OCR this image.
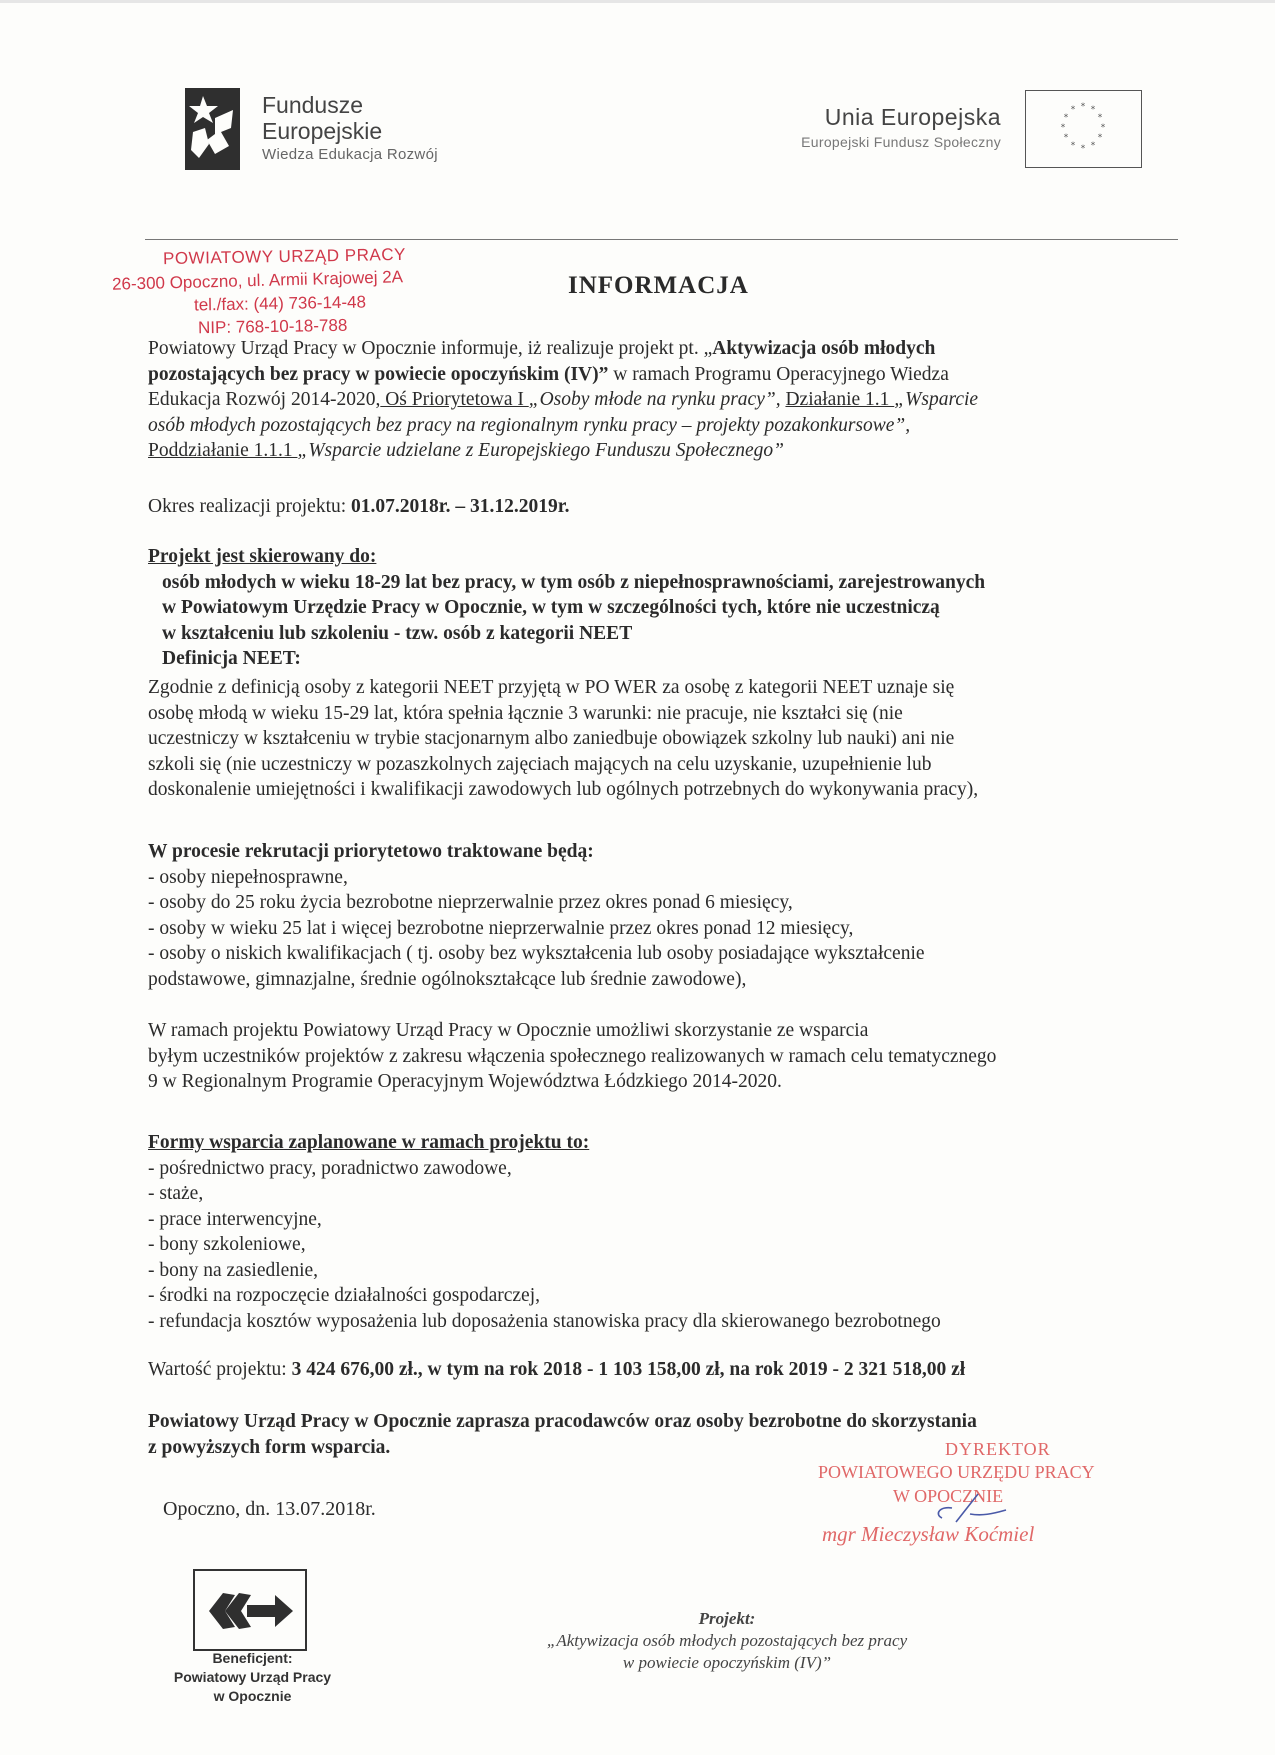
Fundusze
Europejskie
Wiedza Edukacja Rozwój
Unia Europejska
Europejski Fundusz Społeczny
* *
*
*
*
*
*
*
*
*
*
*
POWIATOWY URZĄD PRACY
26-300 Opoczno, ul. Armii Krajowej 2A
tel./fax: (44) 736-14-48
NIP: 768-10-18-788
INFORMACJA
Powiatowy Urząd Pracy w Opocznie informuje, iż realizuje projekt pt. „Aktywizacja osób młodych
pozostających bez pracy w powiecie opoczyńskim (IV)” w ramach Programu Operacyjnego Wiedza
Edukacja Rozwój 2014-2020, Oś Priorytetowa I „Osoby młode na rynku pracy”, Działanie 1.1 „Wsparcie
osób młodych pozostających bez pracy na regionalnym rynku pracy – projekty pozakonkursowe”,
Poddziałanie 1.1.1 „Wsparcie udzielane z Europejskiego Funduszu Społecznego”
Okres realizacji projektu: 01.07.2018r. – 31.12.2019r.
Projekt jest skierowany do:
osób młodych w wieku 18-29 lat bez pracy, w tym osób z niepełnosprawnościami, zarejestrowanych
w Powiatowym Urzędzie Pracy w Opocznie, w tym w szczególności tych, które nie uczestniczą
w kształceniu lub szkoleniu - tzw. osób z kategorii NEET
Definicja NEET:
Zgodnie z definicją osoby z kategorii NEET przyjętą w PO WER za osobę z kategorii NEET uznaje się
osobę młodą w wieku 15-29 lat, która spełnia łącznie 3 warunki: nie pracuje, nie kształci się (nie
uczestniczy w kształceniu w trybie stacjonarnym albo zaniedbuje obowiązek szkolny lub nauki) ani nie
szkoli się (nie uczestniczy w pozaszkolnych zajęciach mających na celu uzyskanie, uzupełnienie lub
doskonalenie umiejętności i kwalifikacji zawodowych lub ogólnych potrzebnych do wykonywania pracy),
W procesie rekrutacji priorytetowo traktowane będą:
- osoby niepełnosprawne,
- osoby do 25 roku życia bezrobotne nieprzerwalnie przez okres ponad 6 miesięcy,
- osoby w wieku 25 lat i więcej bezrobotne nieprzerwalnie przez okres ponad 12 miesięcy,
- osoby o niskich kwalifikacjach ( tj. osoby bez wykształcenia lub osoby posiadające wykształcenie
podstawowe, gimnazjalne, średnie ogólnokształcące lub średnie zawodowe),
W ramach projektu Powiatowy Urząd Pracy w Opocznie umożliwi skorzystanie ze wsparcia
byłym uczestników projektów z zakresu włączenia społecznego realizowanych w ramach celu tematycznego
9 w Regionalnym Programie Operacyjnym Województwa Łódzkiego 2014-2020.
Formy wsparcia zaplanowane w ramach projektu to:
- pośrednictwo pracy, poradnictwo zawodowe,
- staże,
- prace interwencyjne,
- bony szkoleniowe,
- bony na zasiedlenie,
- środki na rozpoczęcie działalności gospodarczej,
- refundacja kosztów wyposażenia lub doposażenia stanowiska pracy dla skierowanego bezrobotnego
Wartość projektu: 3 424 676,00 zł., w tym na rok 2018 - 1 103 158,00 zł, na rok 2019 - 2 321 518,00 zł
Powiatowy Urząd Pracy w Opocznie zaprasza pracodawców oraz osoby bezrobotne do skorzystania
z powyższych form wsparcia.
Opoczno, dn. 13.07.2018r.
DYREKTOR
POWIATOWEGO URZĘDU PRACY
W OPOCZNIE
mgr Mieczysław Koćmiel
Beneficjent:
Powiatowy Urząd Pracy
w Opocznie
Projekt:
„Aktywizacja osób młodych pozostających bez pracy
w powiecie opoczyńskim (IV)”
